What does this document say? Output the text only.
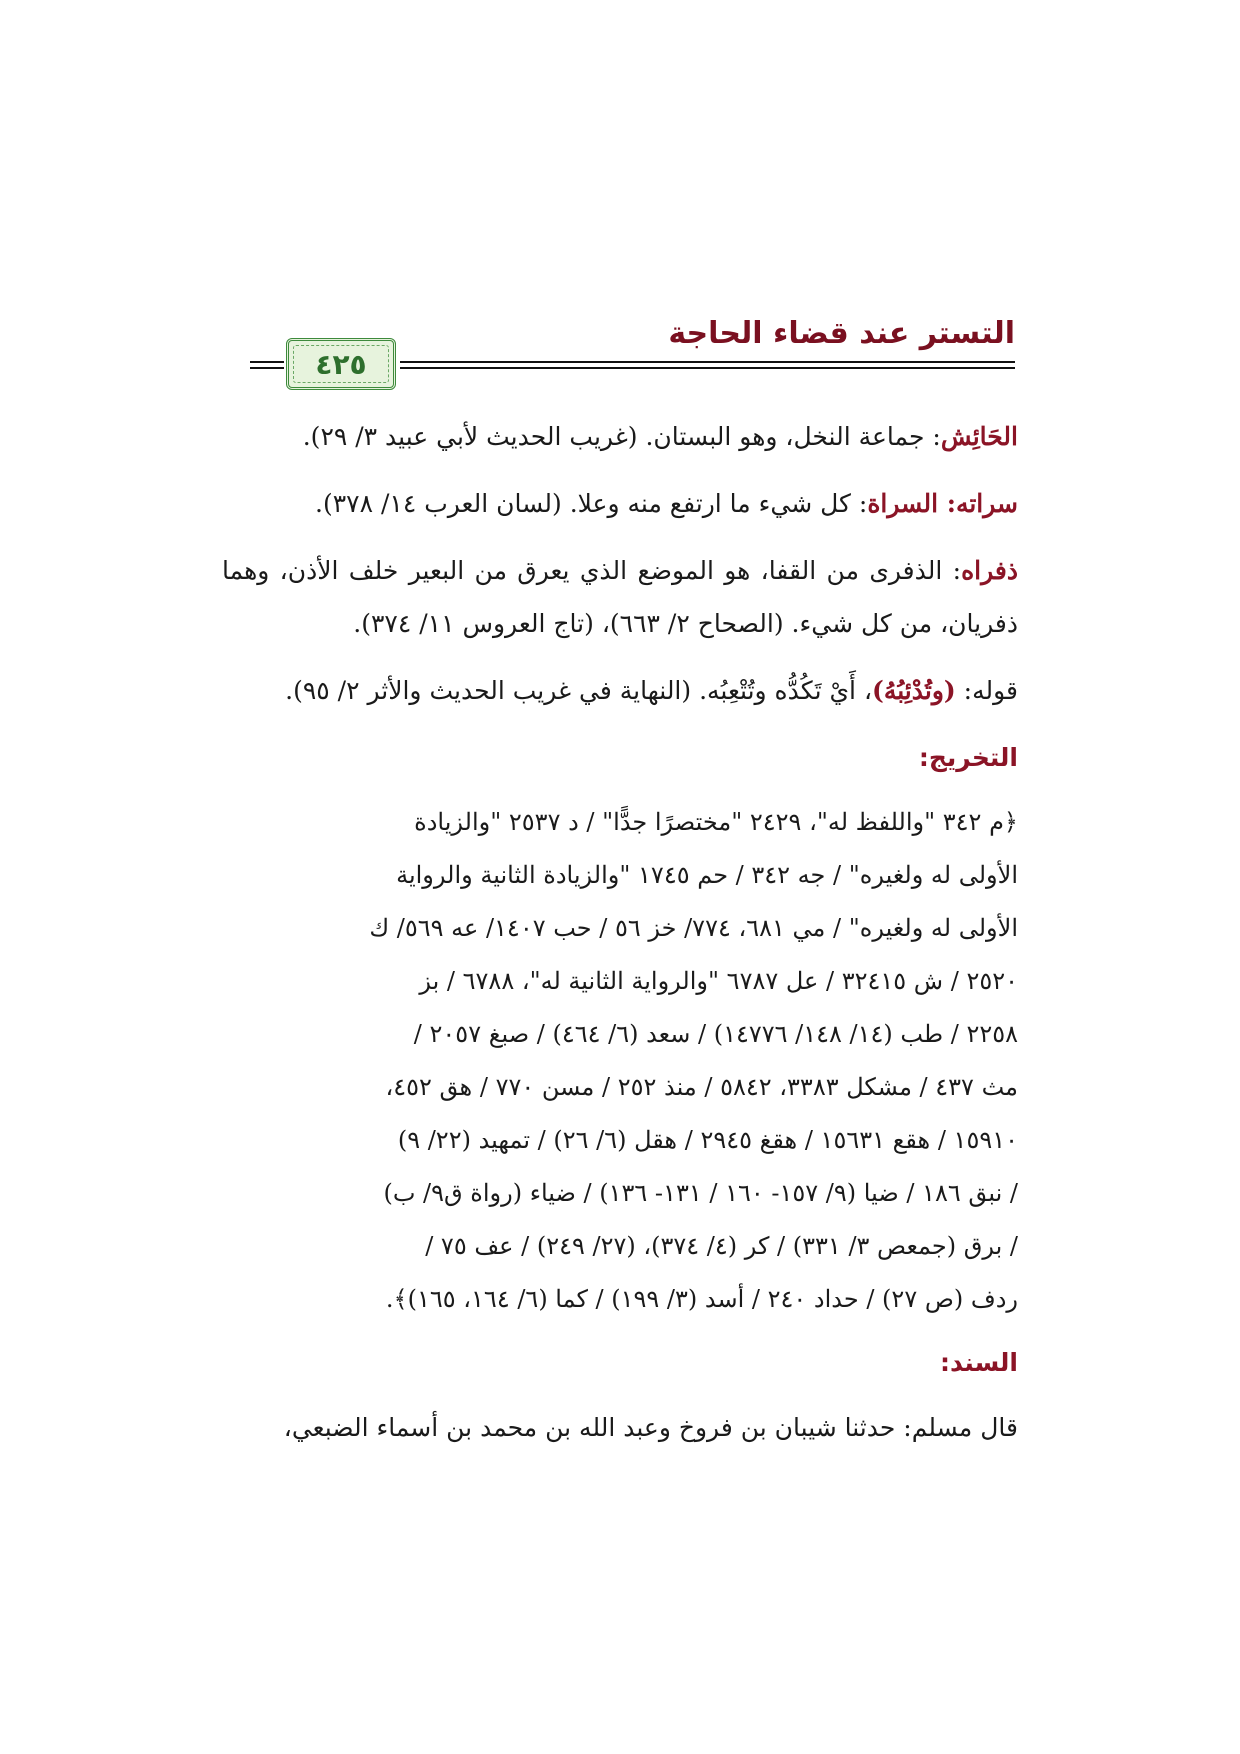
التستر عند قضاء الحاجة
٤٢٥

الحَائِش: جماعة النخل، وهو البستان. (غريب الحديث لأبي عبيد ٣/ ٢٩).

سراته: السراة: كل شيء ما ارتفع منه وعلا. (لسان العرب ١٤/ ٣٧٨).

ذفراه: الذفرى من القفا، هو الموضع الذي يعرق من البعير خلف الأذن، وهما ذفريان، من كل شيء. (الصحاح ٢/ ٦٦٣)، (تاج العروس ١١/ ٣٧٤).

قوله: (وتُدْئِبُهُ)، أَيْ تَكُدُّه وتُتْعِبُه. (النهاية في غريب الحديث والأثر ٢/ ٩٥).

التخريج:
﴿م ٣٤٢ "واللفظ له"، ٢٤٢٩ "مختصرًا جدًّا" / د ٢٥٣٧ "والزيادة
الأولى له ولغيره" / جه ٣٤٢ / حم ١٧٤٥ "والزيادة الثانية والرواية
الأولى له ولغيره" / مي ٦٨١، ٧٧٤/ خز ٥٦ / حب ١٤٠٧/ عه ٥٦٩/ ك
٢٥٢٠ / ش ٣٢٤١٥ / عل ٦٧٨٧ "والرواية الثانية له"، ٦٧٨٨ / بز
٢٢٥٨ / طب (١٤/ ١٤٨/ ١٤٧٧٦) / سعد (٦/ ٤٦٤) / صبغ ٢٠٥٧ /
مث ٤٣٧ / مشكل ٣٣٨٣، ٥٨٤٢ / منذ ٢٥٢ / مسن ٧٧٠ / هق ٤٥٢،
١٥٩١٠ / هقع ١٥٦٣١ / هقغ ٢٩٤٥ / هقل (٦/ ٢٦) / تمهيد (٢٢/ ٩)
/ نبق ١٨٦ / ضيا (٩/ ١٥٧- ١٦٠ / ١٣١- ١٣٦) / ضياء (رواة ق٩/ ب)
/ برق (جمعص ٣/ ٣٣١) / كر (٤/ ٣٧٤)، (٢٧/ ٢٤٩) / عف ٧٥ /
ردف (ص ٢٧) / حداد ٢٤٠ / أسد (٣/ ١٩٩) / كما (٦/ ١٦٤، ١٦٥)﴾.
السند:

قال مسلم: حدثنا شيبان بن فروخ وعبد الله بن محمد بن أسماء الضبعي،
